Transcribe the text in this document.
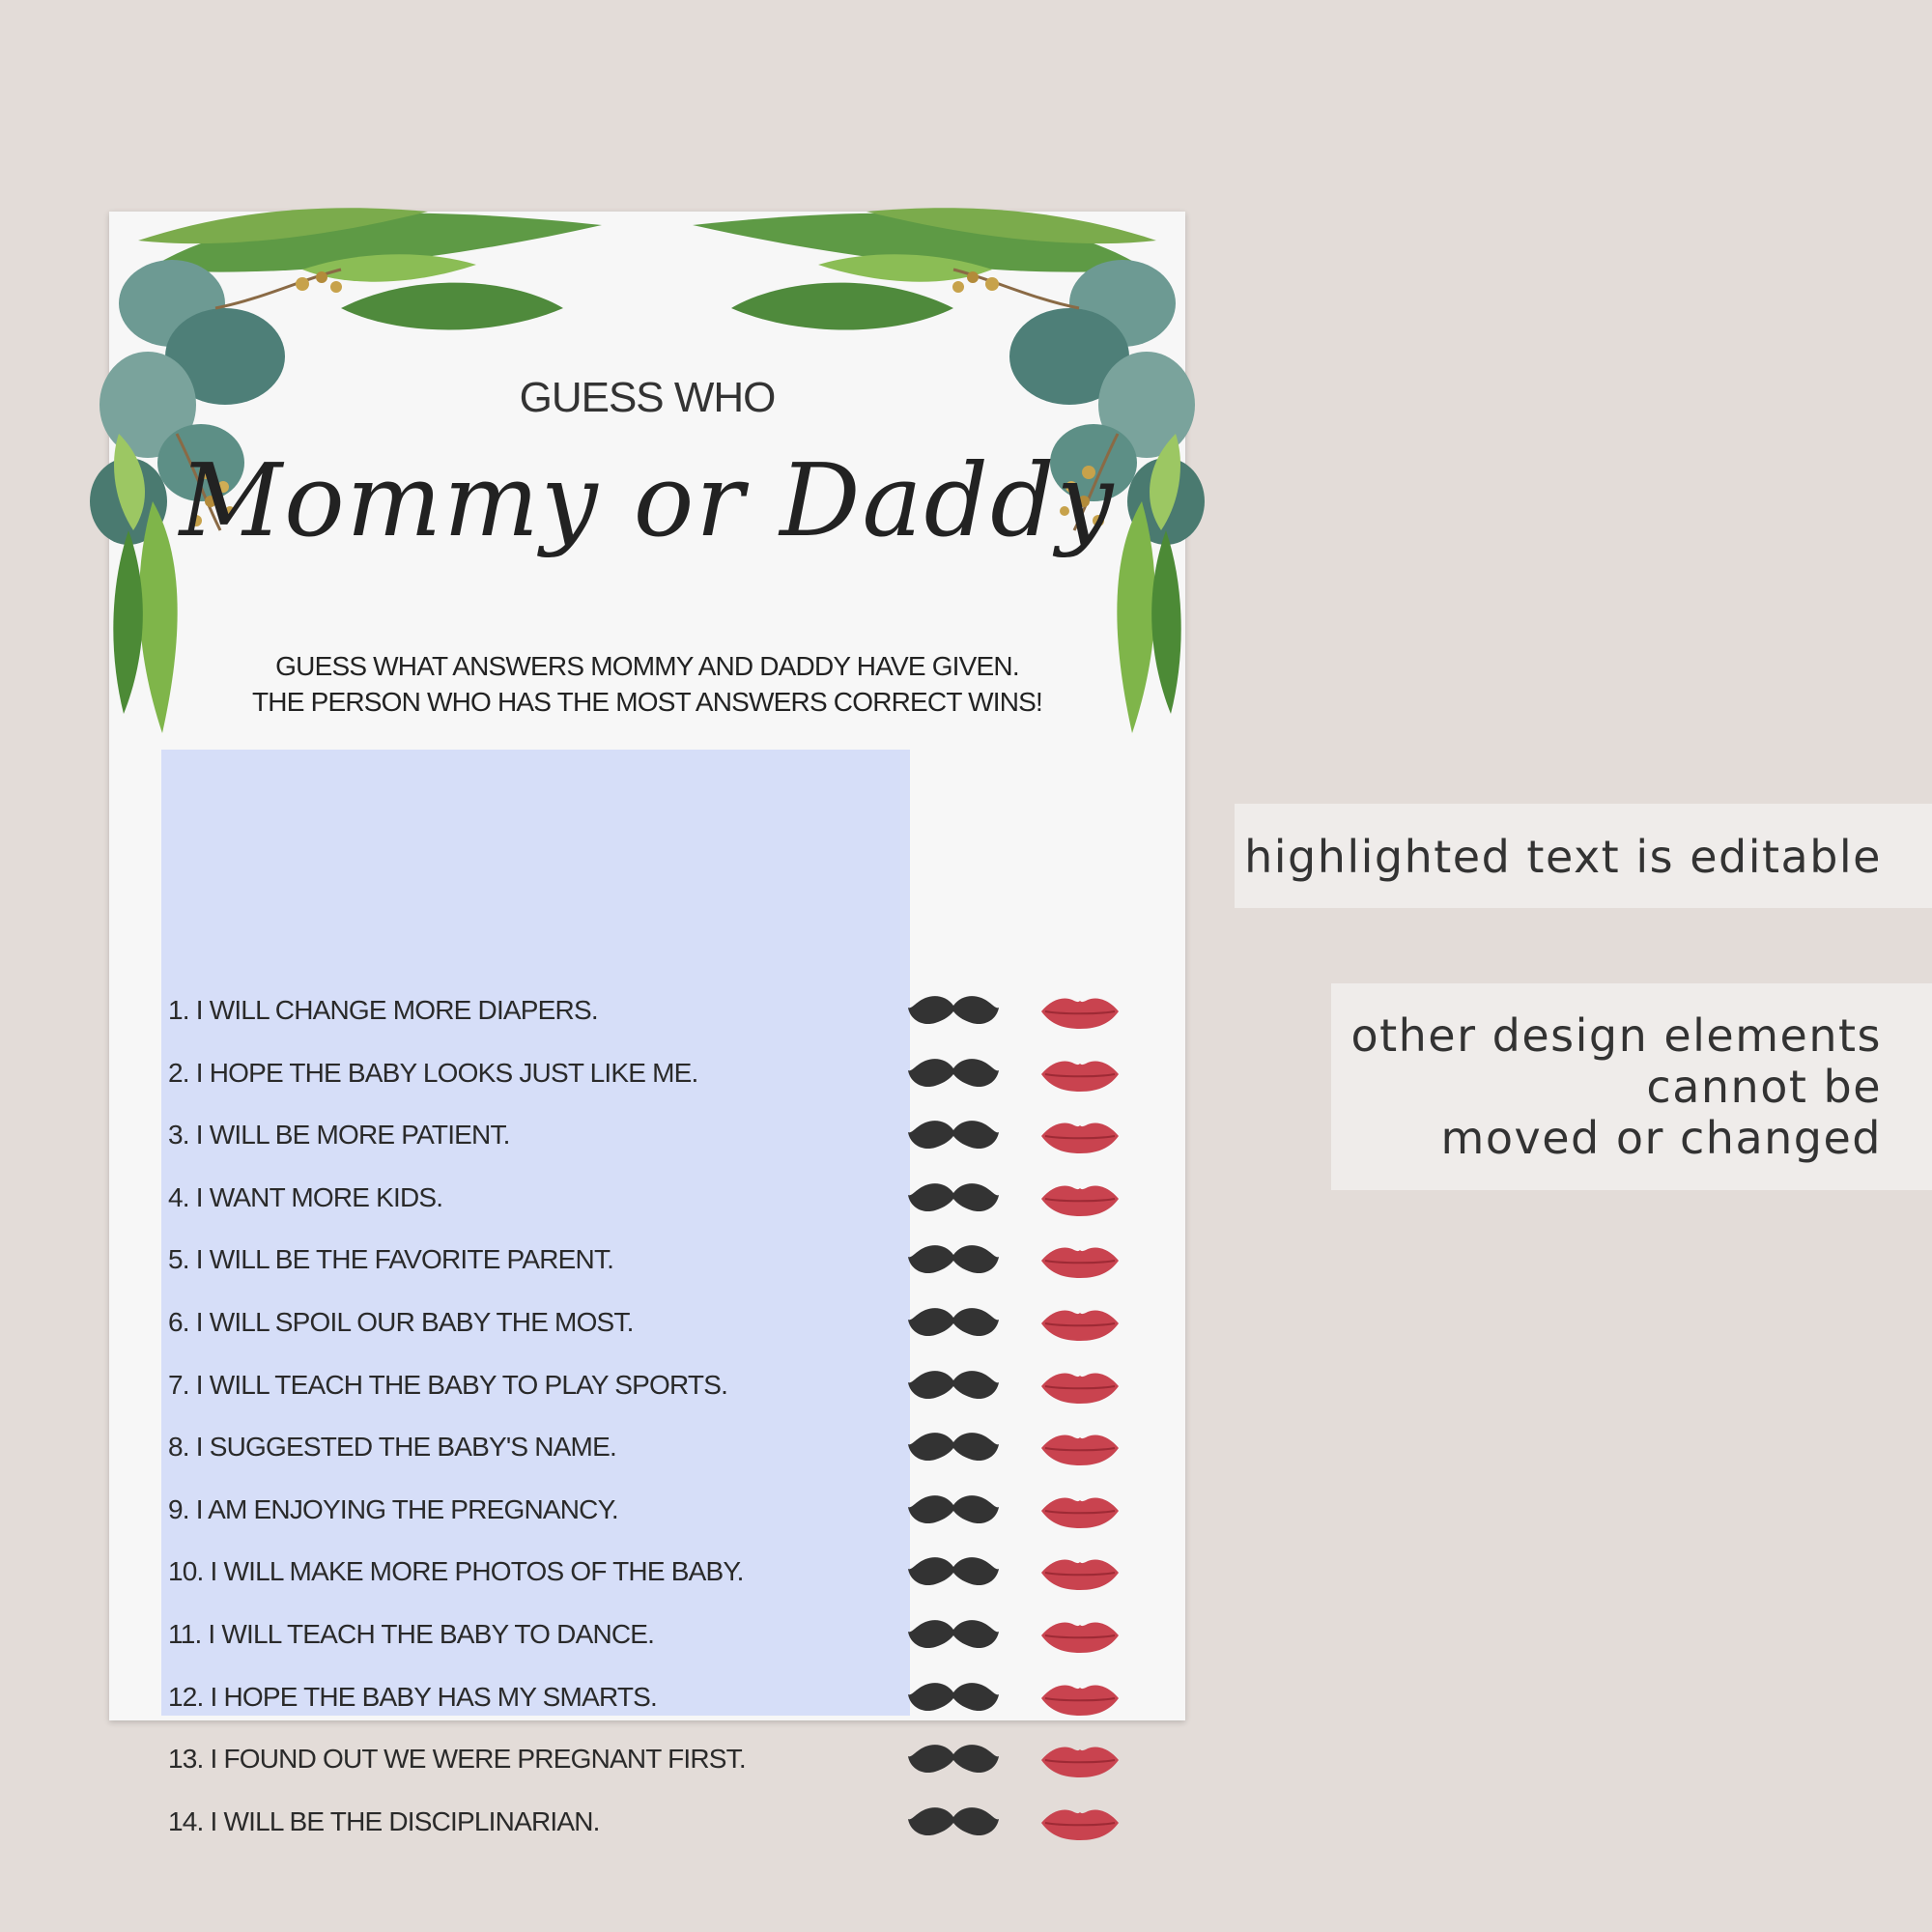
GUESS WHO
Mommy or Daddy
GUESS WHAT ANSWERS MOMMY AND DADDY HAVE GIVEN.
THE PERSON WHO HAS THE MOST ANSWERS CORRECT WINS!
1. I WILL CHANGE MORE DIAPERS.
2. I HOPE THE BABY LOOKS JUST LIKE ME.
3. I WILL BE MORE PATIENT.
4. I WANT MORE KIDS.
5. I WILL BE THE FAVORITE PARENT.
6. I WILL SPOIL OUR BABY THE MOST.
7. I WILL TEACH THE BABY TO PLAY SPORTS.
8. I SUGGESTED THE BABY'S NAME.
9. I AM ENJOYING THE PREGNANCY.
10. I WILL MAKE MORE PHOTOS OF THE BABY.
11. I WILL TEACH THE BABY TO DANCE.
12. I HOPE THE BABY HAS MY SMARTS.
13. I FOUND OUT WE WERE PREGNANT FIRST.
14. I WILL BE THE DISCIPLINARIAN.
highlighted text is editable
other design elements
cannot be
moved or changed
